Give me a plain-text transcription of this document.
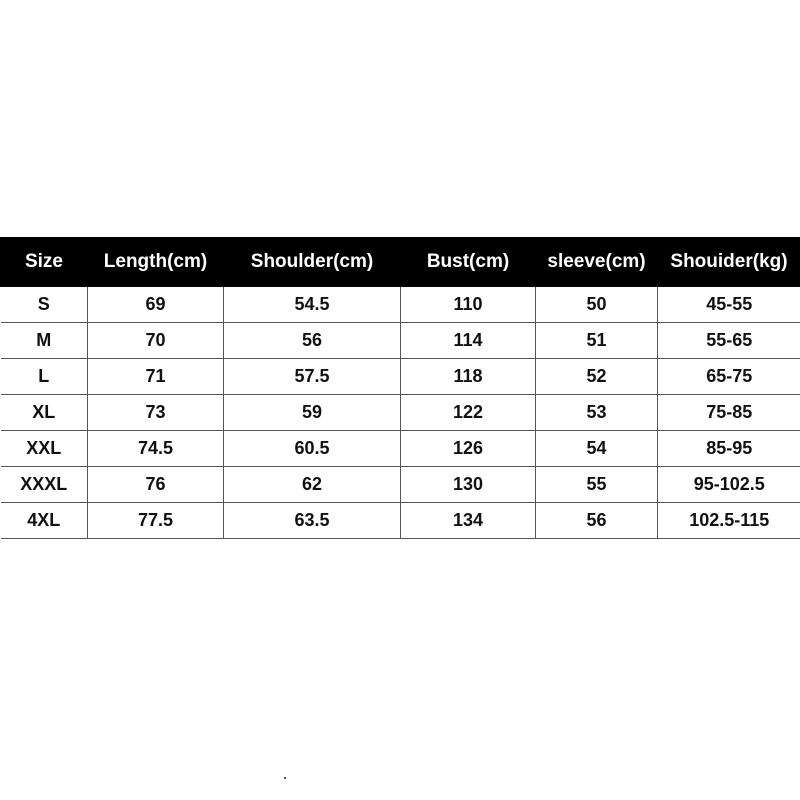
Size	Length(cm)	Shoulder(cm)	Bust(cm)	sleeve(cm)	Shouider(kg)
S	69	54.5	110	50	45-55
M	70	56	114	51	55-65
L	71	57.5	118	52	65-75
XL	73	59	122	53	75-85
XXL	74.5	60.5	126	54	85-95
XXXL	76	62	130	55	95-102.5
4XL	77.5	63.5	134	56	102.5-115
